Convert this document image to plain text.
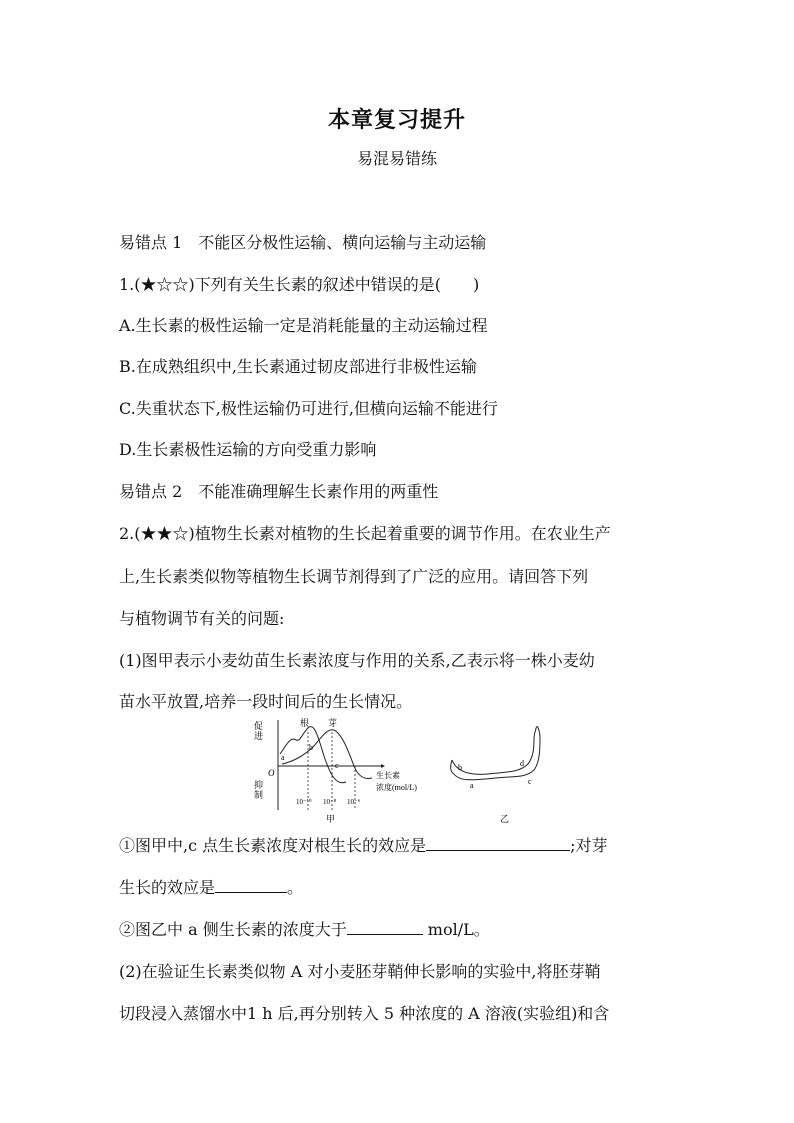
本章复习提升
易混易错练
易错点 1　不能区分极性运输、横向运输与主动运输
1.(★☆☆)下列有关生长素的叙述中错误的是(　　)
A.生长素的极性运输一定是消耗能量的主动运输过程
B.在成熟组织中,生长素通过韧皮部进行非极性运输
C.失重状态下,极性运输仍可进行,但横向运输不能进行
D.生长素极性运输的方向受重力影响
易错点 2　不能准确理解生长素作用的两重性
2.(★★☆)植物生长素对植物的生长起着重要的调节作用。在农业生产
上,生长素类似物等植物生长调节剂得到了广泛的应用。请回答下列
与植物调节有关的问题:
(1)图甲表示小麦幼苗生长素浓度与作用的关系,乙表示将一株小麦幼
苗水平放置,培养一段时间后的生长情况。
促
进
抑
制
O
根 芽
a
b
c
生长素
浓度(mol/L)
10⁻¹⁰ 10⁻⁸ 10⁻⁶
甲
b
a
d
c
乙
①图甲中,c 点生长素浓度对根生长的效应是	;对芽
生长的效应是	。
②图乙中 a 侧生长素的浓度大于	mol/L。
(2)在验证生长素类似物 A 对小麦胚芽鞘伸长影响的实验中,将胚芽鞘
切段浸入蒸馏水中1 h 后,再分别转入 5 种浓度的 A 溶液(实验组)和含
